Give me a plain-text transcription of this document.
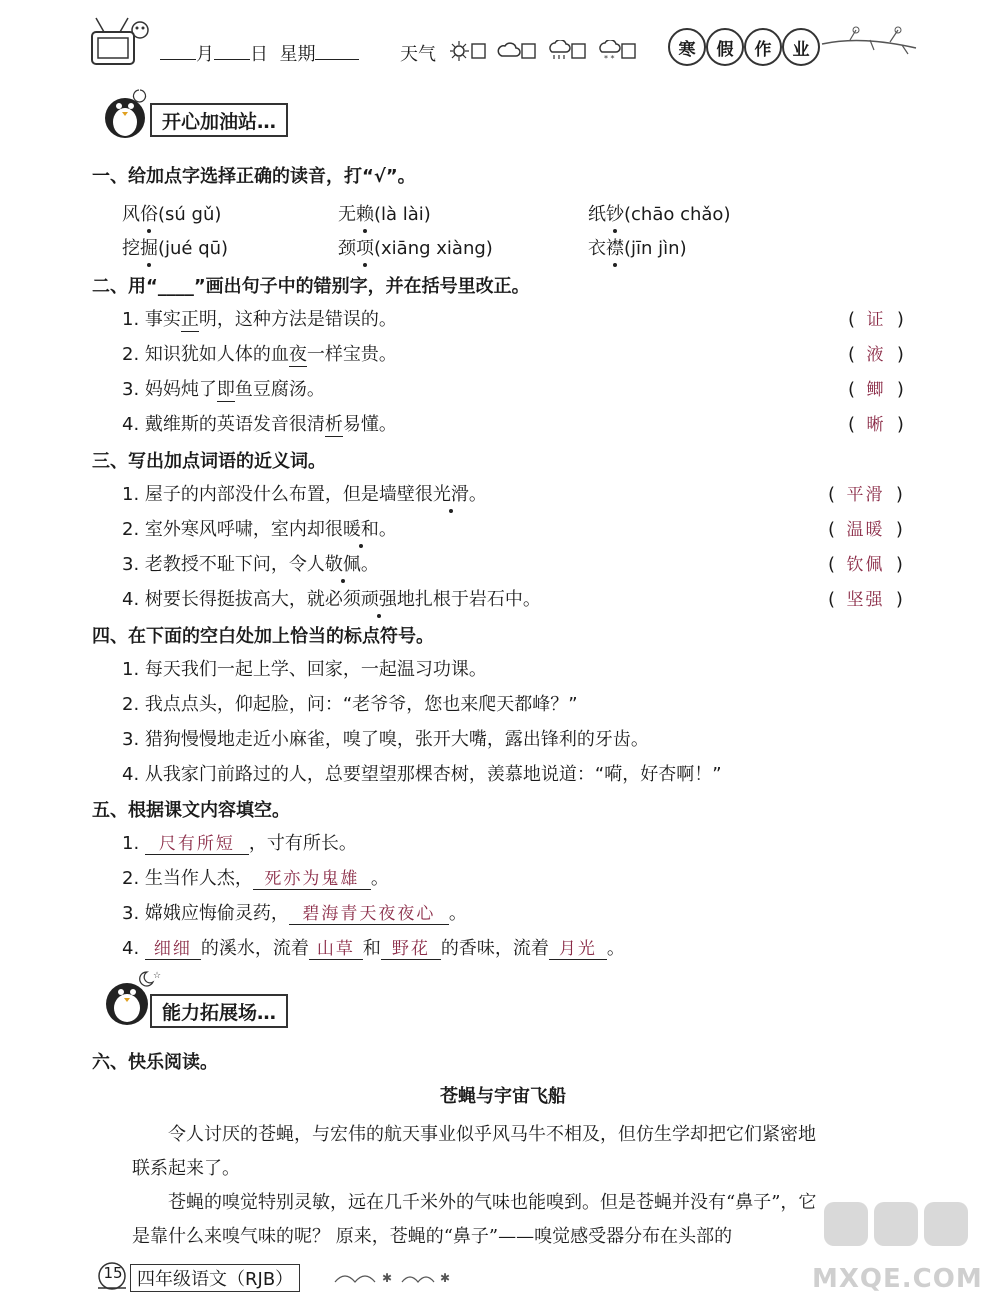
月 日 星期	天气	* *	寒	假	作	业
开心加油站…
一、给加点字选择正确的读音，打“√”。
风俗(sú gǔ)	无赖(là lài)	纸钞(chāo chǎo)
挖掘(jué qū)	颈项(xiāng xiàng)	衣襟(jīn jìn)
二、用“____”画出句子中的错别字，并在括号里改正。
1. 事实正明，这种方法是错误的。	(  证  )
2. 知识犹如人体的血夜一样宝贵。	(  液  )
3. 妈妈炖了即鱼豆腐汤。	(  鲫  )
4. 戴维斯的英语发音很清析易懂。	(  晰  )
三、写出加点词语的近义词。
1. 屋子的内部没什么布置，但是墙壁很光滑。	(  平滑  )
2. 室外寒风呼啸，室内却很暖和。	(  温暖  )
3. 老教授不耻下问，令人敬佩。	(  钦佩  )
4. 树要长得挺拔高大，就必须顽强地扎根于岩石中。	(  坚强  )
四、在下面的空白处加上恰当的标点符号。
1. 每天我们一起上学、回家，一起温习功课。
2. 我点点头，仰起脸，问：“老爷爷，您也来爬天都峰？”
3. 猎狗慢慢地走近小麻雀，嗅了嗅，张开大嘴，露出锋利的牙齿。
4. 从我家门前路过的人，总要望望那棵杏树，羡慕地说道：“嗬，好杏啊！”
五、根据课文内容填空。
1. 尺有所短 ，寸有所长。
2. 生当作人杰， 死亦为鬼雄 。
3. 嫦娥应悔偷灵药， 碧海青天夜夜心 。
4. 细细 的溪水，流着 山草 和 野花 的香味，流着 月光 。
☆
能力拓展场…
六、快乐阅读。
苍蝇与宇宙飞船
令人讨厌的苍蝇，与宏伟的航天事业似乎风马牛不相及，但仿生学却把它们紧密地
联系起来了。
苍蝇的嗅觉特别灵敏，远在几千米外的气味也能嗅到。但是苍蝇并没有“鼻子”，它
是靠什么来嗅气味的呢？ 原来，苍蝇的“鼻子”——嗅觉感受器分布在头部的
15 四年级语文（RJB）	✱	✱	MXQE.COM
